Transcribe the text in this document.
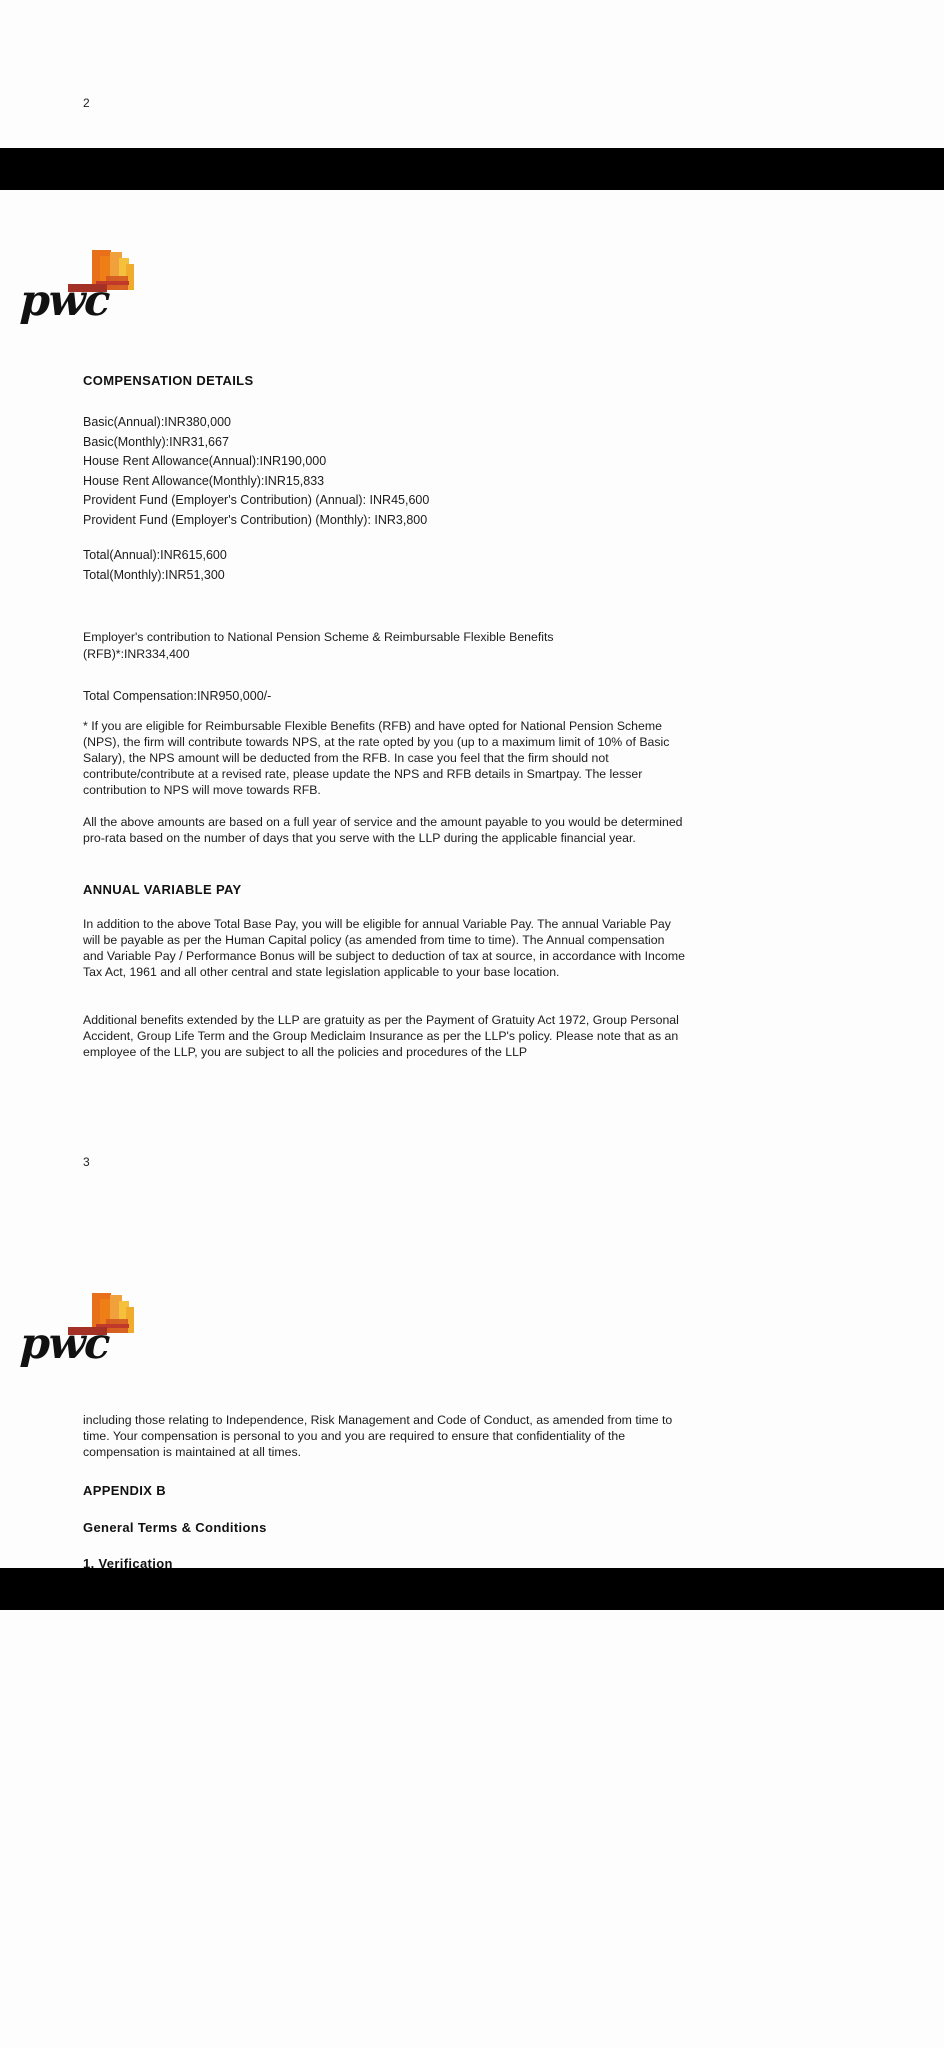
2
pwc
COMPENSATION DETAILS
Basic(Annual):INR380,000
Basic(Monthly):INR31,667
House Rent Allowance(Annual):INR190,000
House Rent Allowance(Monthly):INR15,833
Provident Fund (Employer's Contribution) (Annual): INR45,600
Provident Fund (Employer's Contribution) (Monthly): INR3,800
Total(Annual):INR615,600
Total(Monthly):INR51,300
Employer's contribution to National Pension Scheme & Reimbursable Flexible Benefits
(RFB)*:INR334,400
Total Compensation:INR950,000/-

* If you are eligible for Reimbursable Flexible Benefits (RFB) and have opted for National Pension Scheme (NPS), the firm will contribute towards NPS, at the rate opted by you (up to a maximum limit of 10% of Basic Salary), the NPS amount will be deducted from the RFB. In case you feel that the firm should not contribute/contribute at a revised rate, please update the NPS and RFB details in Smartpay. The lesser contribution to NPS will move towards RFB.

All the above amounts are based on a full year of service and the amount payable to you would be determined pro-rata based on the number of days that you serve with the LLP during the applicable financial year.

ANNUAL VARIABLE PAY

In addition to the above Total Base Pay, you will be eligible for annual Variable Pay. The annual Variable Pay will be payable as per the Human Capital policy (as amended from time to time). The Annual compensation and Variable Pay / Performance Bonus will be subject to deduction of tax at source, in accordance with Income Tax Act, 1961 and all other central and state legislation applicable to your base location.

Additional benefits extended by the LLP are gratuity as per the Payment of Gratuity Act 1972, Group Personal Accident, Group Life Term and the Group Mediclaim Insurance as per the LLP's policy. Please note that as an employee of the LLP, you are subject to all the policies and procedures of the LLP

3
pwc

including those relating to Independence, Risk Management and Code of Conduct, as amended from time to time. Your compensation is personal to you and you are required to ensure that confidentiality of the compensation is maintained at all times.

APPENDIX B
General Terms & Conditions
1. Verification
